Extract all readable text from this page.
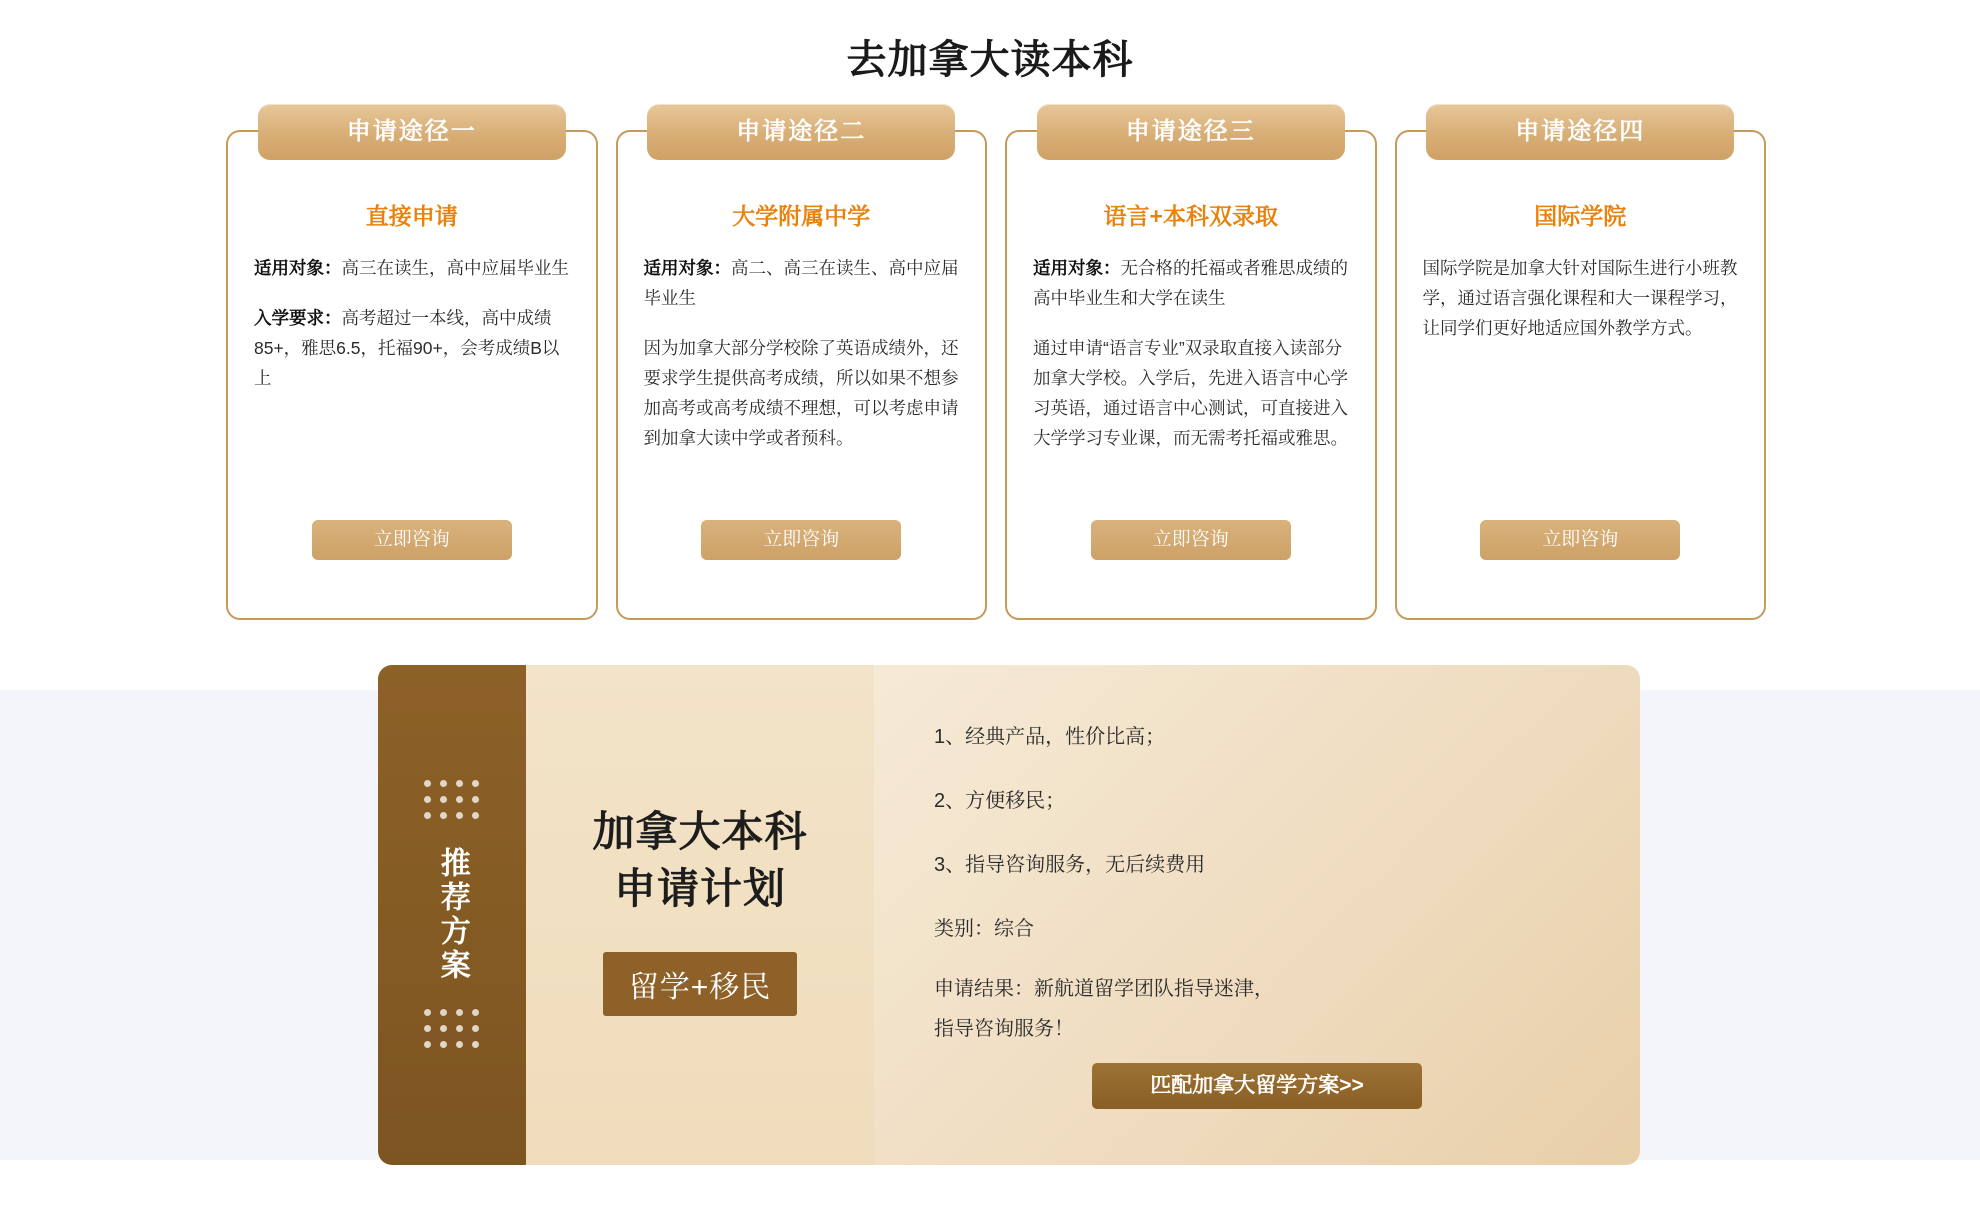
去加拿大读本科
申请途径一
直接申请

适用对象：高三在读生，高中应届毕业生

入学要求：高考超过一本线，高中成绩 85+，雅思6.5，托福90+，会考成绩B以上

立即咨询
申请途径二
大学附属中学

适用对象：高二、高三在读生、高中应届毕业生

因为加拿大部分学校除了英语成绩外，还要求学生提供高考成绩，所以如果不想参加高考或高考成绩不理想，可以考虑申请到加拿大读中学或者预科。

立即咨询
申请途径三
语言+本科双录取

适用对象：无合格的托福或者雅思成绩的高中毕业生和大学在读生

通过申请“语言专业”双录取直接入读部分加拿大学校。入学后，先进入语言中心学习英语，通过语言中心测试，可直接进入大学学习专业课，而无需考托福或雅思。

立即咨询
申请途径四
国际学院

国际学院是加拿大针对国际生进行小班教学，通过语言强化课程和大一课程学习，让同学们更好地适应国外教学方式。

立即咨询
推荐方案
加拿大本科
申请计划
留学+移民
1、经典产品，性价比高；
2、方便移民；
3、指导咨询服务，无后续费用
类别：综合
申请结果：新航道留学团队指导迷津，
指导咨询服务！
匹配加拿大留学方案>>
